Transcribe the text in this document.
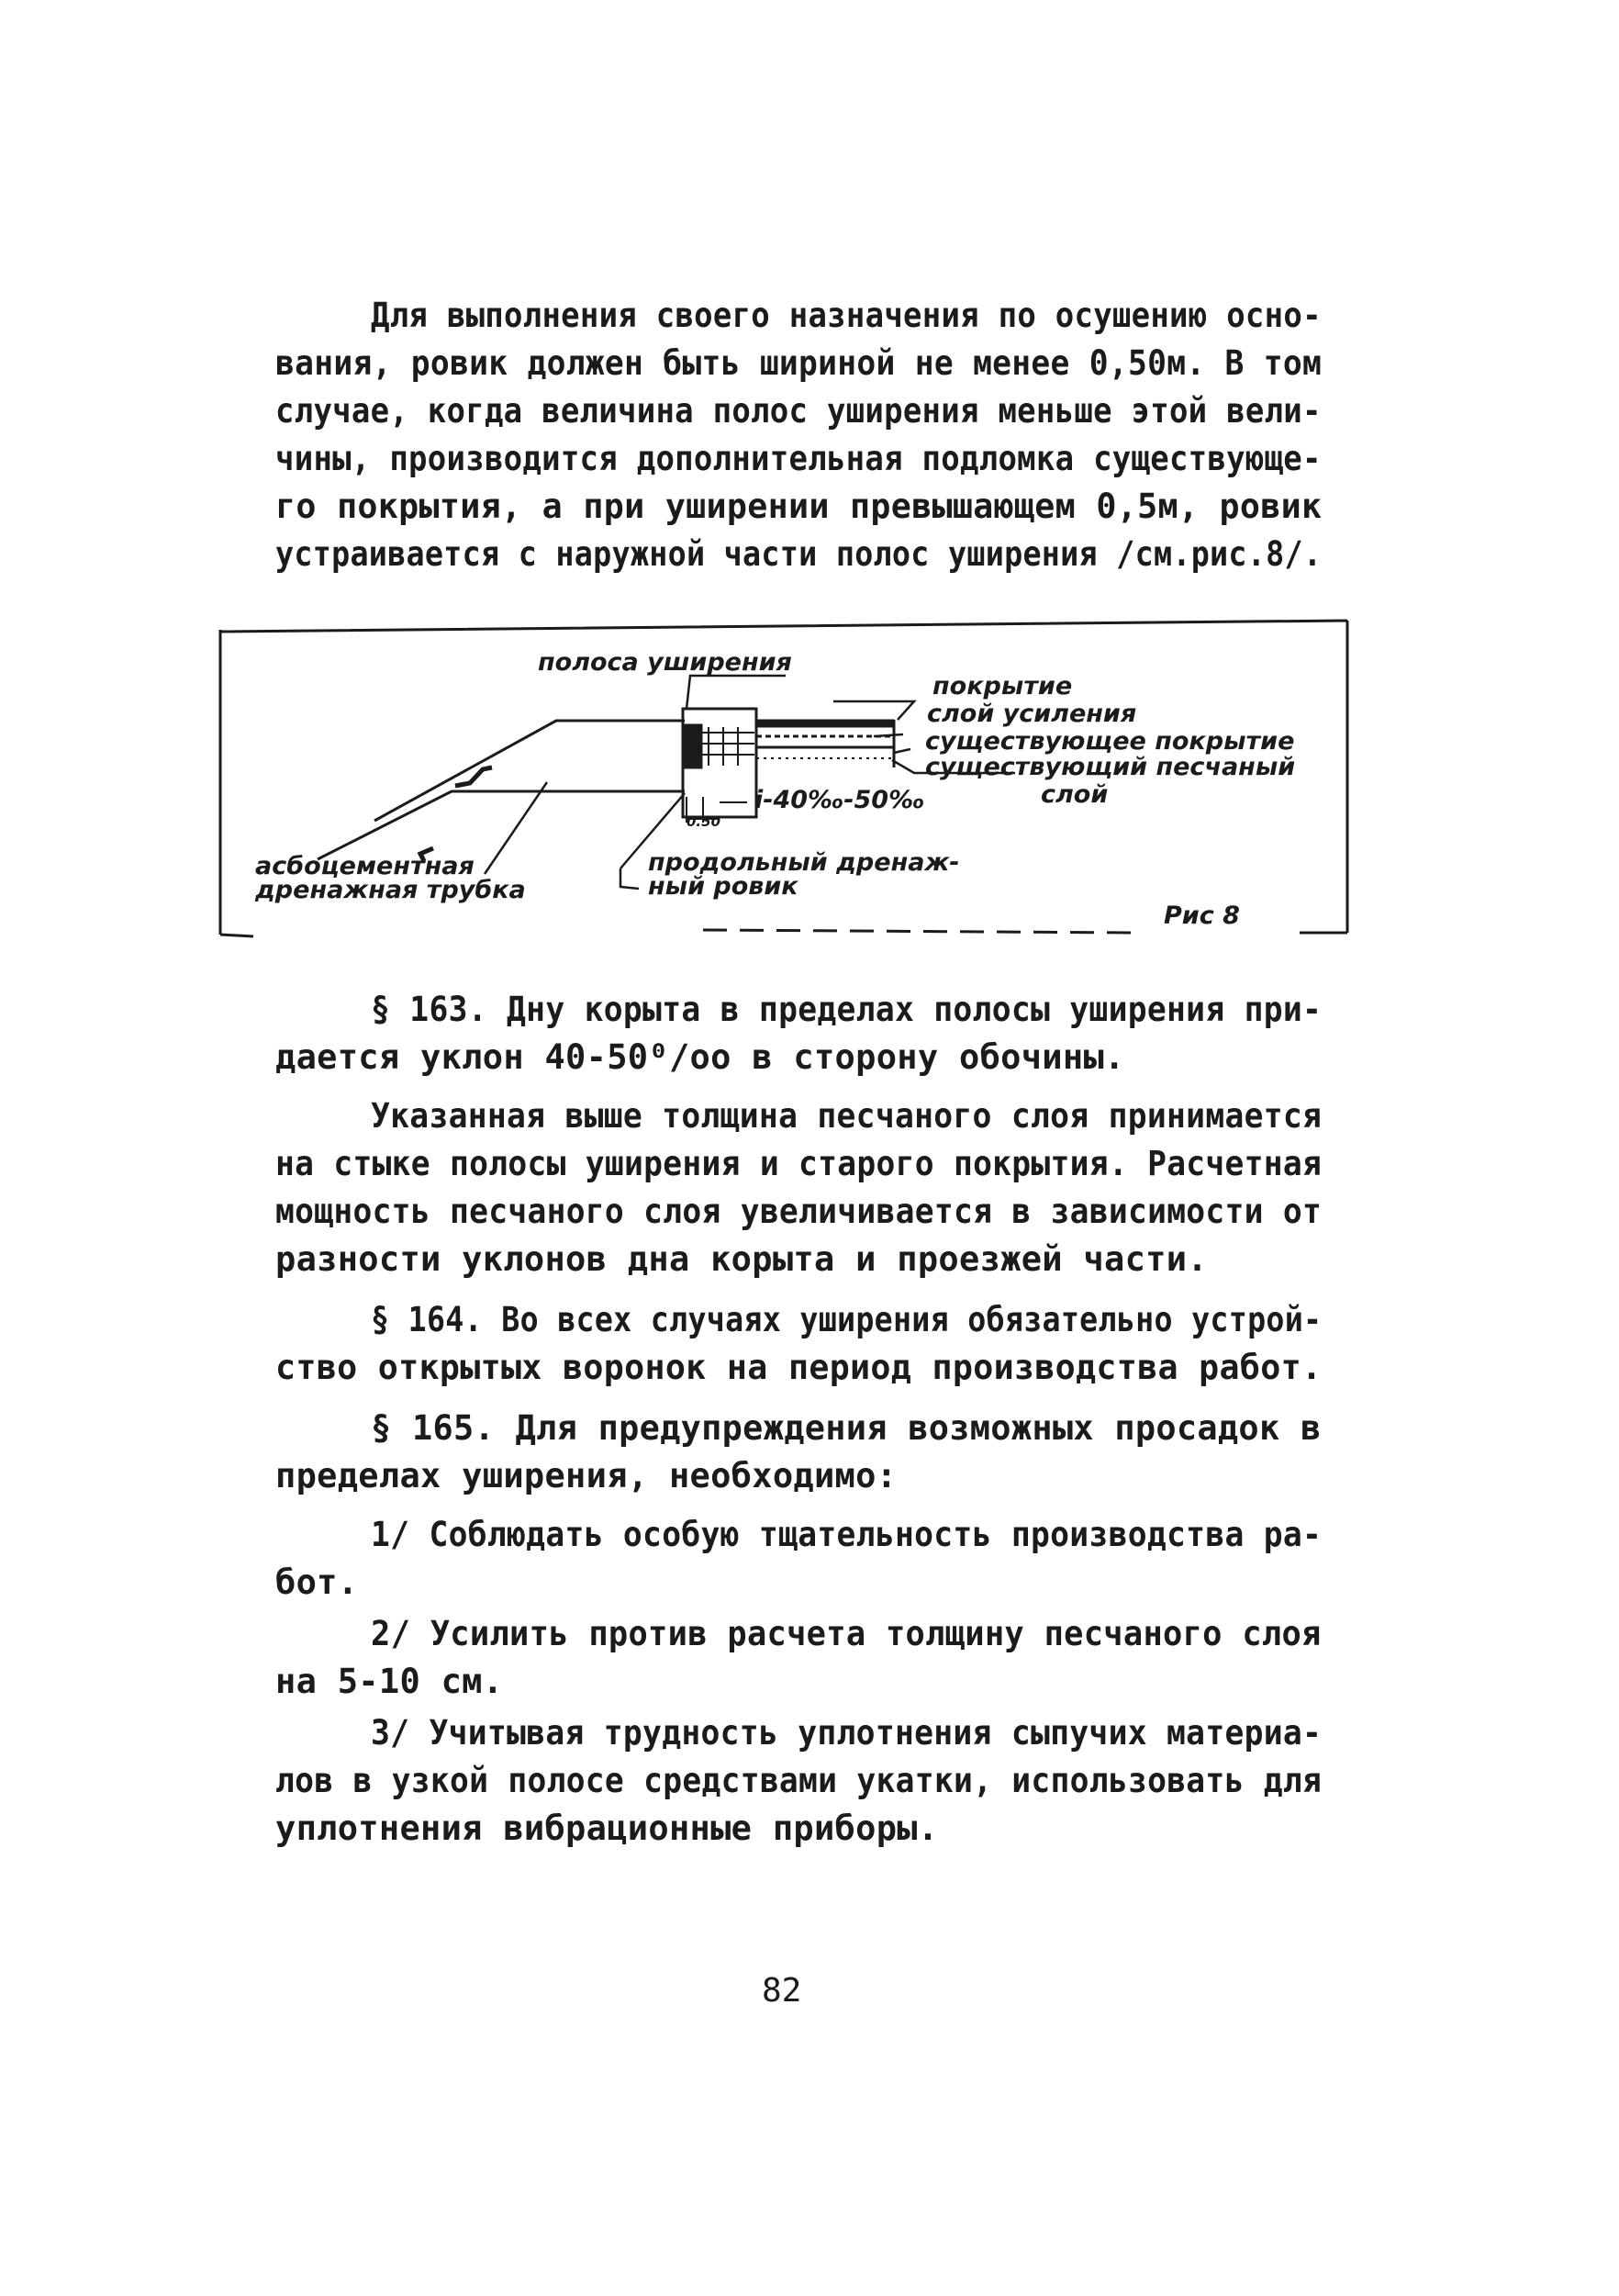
Для выполнения своего назначения по осушению осно-
вания, ровик должен быть шириной не менее 0,50м. В том
случае, когда величина полос уширения меньше этой вели-
чины, производится дополнительная подломка существующе-
го покрытия, а при уширении превышающем 0,5м, ровик
устраивается с наружной части полос уширения /см.рис.8/.
полоса уширения
покрытие
слой усиления
существующее покрытие
существующий песчаный
слой
i-40‰-50‰
0.50
асбоцементная
дренажная трубка
продольный дренаж-
ный ровик
Рис 8
§ 163. Дну корыта в пределах полосы уширения при-
дается уклон 40-50⁰/оо в сторону обочины.
Указанная выше толщина песчаного слоя принимается
на стыке полосы уширения и старого покрытия. Расчетная
мощность песчаного слоя увеличивается в зависимости от
разности уклонов дна корыта и проезжей части.
§ 164. Во всех случаях уширения обязательно устрой-
ство открытых воронок на период производства работ.
§ 165. Для предупреждения возможных просадок в
пределах уширения, необходимо:
1/ Соблюдать особую тщательность производства ра-
бот.
2/ Усилить против расчета толщину песчаного слоя
на 5-10 см.
3/ Учитывая трудность уплотнения сыпучих материа-
лов в узкой полосе средствами укатки, использовать для
уплотнения вибрационные приборы.
82
